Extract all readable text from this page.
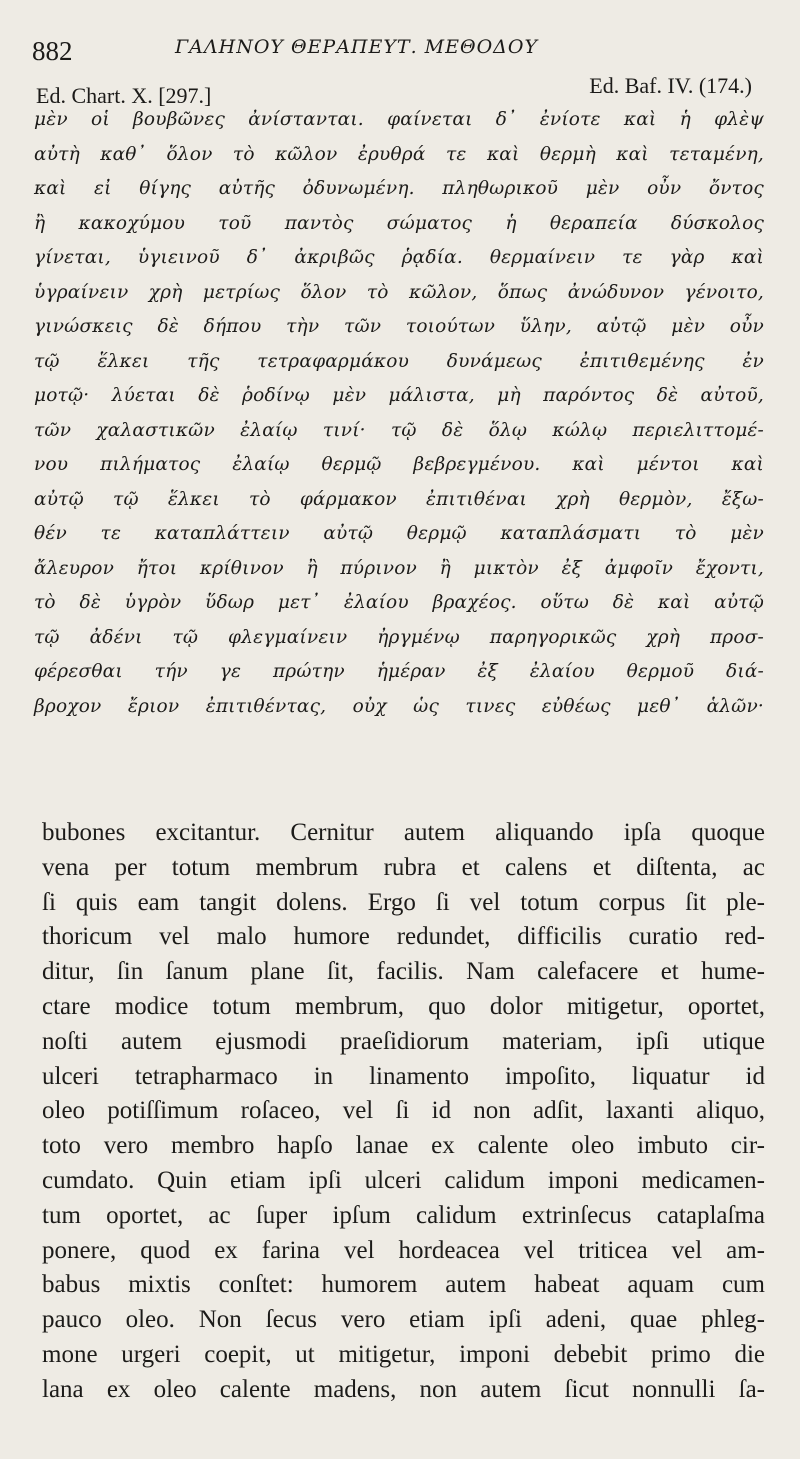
882	ΓΑΛΗΝΟΥ ΘΕΡΑΠΕΥΤ. ΜΕΘΟΔΟΥ
Ed. Chart. X. [297.]	Ed. Baf. IV. (174.)
μὲν οἱ βουβῶνες ἀνίστανται. φαίνεται δ᾽ ἐνίοτε καὶ ἡ φλὲψ
αὐτὴ καθ᾽ ὅλον τὸ κῶλον ἐρυθρά τε καὶ θερμὴ καὶ τεταμένη,
καὶ εἰ θίγης αὐτῆς ὀδυνωμένη. πληθωρικοῦ μὲν οὖν ὄντος
ἢ κακοχύμου τοῦ παντὸς σώματος ἡ θεραπεία δύσκολος
γίνεται, ὑγιεινοῦ δ᾽ ἀκριβῶς ῥᾳδία. θερμαίνειν τε γὰρ καὶ
ὑγραίνειν χρὴ μετρίως ὅλον τὸ κῶλον, ὅπως ἀνώδυνον γένοιτο,
γινώσκεις δὲ δήπου τὴν τῶν τοιούτων ὕλην, αὐτῷ μὲν οὖν
τῷ ἕλκει τῆς τετραφαρμάκου δυνάμεως ἐπιτιθεμένης ἐν
μοτῷ· λύεται δὲ ῥοδίνῳ μὲν μάλιστα, μὴ παρόντος δὲ αὐτοῦ,
τῶν χαλαστικῶν ἐλαίῳ τινί· τῷ δὲ ὅλῳ κώλῳ περιελιττομέ-
νου πιλήματος ἐλαίῳ θερμῷ βεβρεγμένου. καὶ μέντοι καὶ
αὐτῷ τῷ ἕλκει τὸ φάρμακον ἐπιτιθέναι χρὴ θερμὸν, ἔξω-
θέν τε καταπλάττειν αὐτῷ θερμῷ καταπλάσματι τὸ μὲν
ἄλευρον ἤτοι κρίθινον ἢ πύρινον ἢ μικτὸν ἐξ ἀμφοῖν ἔχοντι,
τὸ δὲ ὑγρὸν ὕδωρ μετ᾽ ἐλαίου βραχέος. οὕτω δὲ καὶ αὐτῷ
τῷ ἀδένι τῷ φλεγμαίνειν ἠργμένῳ παρηγορικῶς χρὴ προσ-
φέρεσθαι τήν γε πρώτην ἡμέραν ἐξ ἐλαίου θερμοῦ διά-
βροχον ἔριον ἐπιτιθέντας, οὐχ ὡς τινες εὐθέως μεθ᾽ ἁλῶν·
bubones excitantur. Cernitur autem aliquando ipſa quoque
vena per totum membrum rubra et calens et diſtenta, ac
ſi quis eam tangit dolens. Ergo ſi vel totum corpus ſit ple-
thoricum vel malo humore redundet, difficilis curatio red-
ditur, ſin ſanum plane ſit, facilis. Nam calefacere et hume-
ctare modice totum membrum, quo dolor mitigetur, oportet,
noſti autem ejusmodi praeſidiorum materiam, ipſi utique
ulceri tetrapharmaco in linamento impoſito, liquatur id
oleo potiſſimum roſaceo, vel ſi id non adſit, laxanti aliquo,
toto vero membro hapſo lanae ex calente oleo imbuto cir-
cumdato. Quin etiam ipſi ulceri calidum imponi medicamen-
tum oportet, ac ſuper ipſum calidum extrinſecus cataplaſma
ponere, quod ex farina vel hordeacea vel triticea vel am-
babus mixtis conſtet: humorem autem habeat aquam cum
pauco oleo. Non ſecus vero etiam ipſi adeni, quae phleg-
mone urgeri coepit, ut mitigetur, imponi debebit primo die
lana ex oleo calente madens, non autem ſicut nonnulli ſa-
